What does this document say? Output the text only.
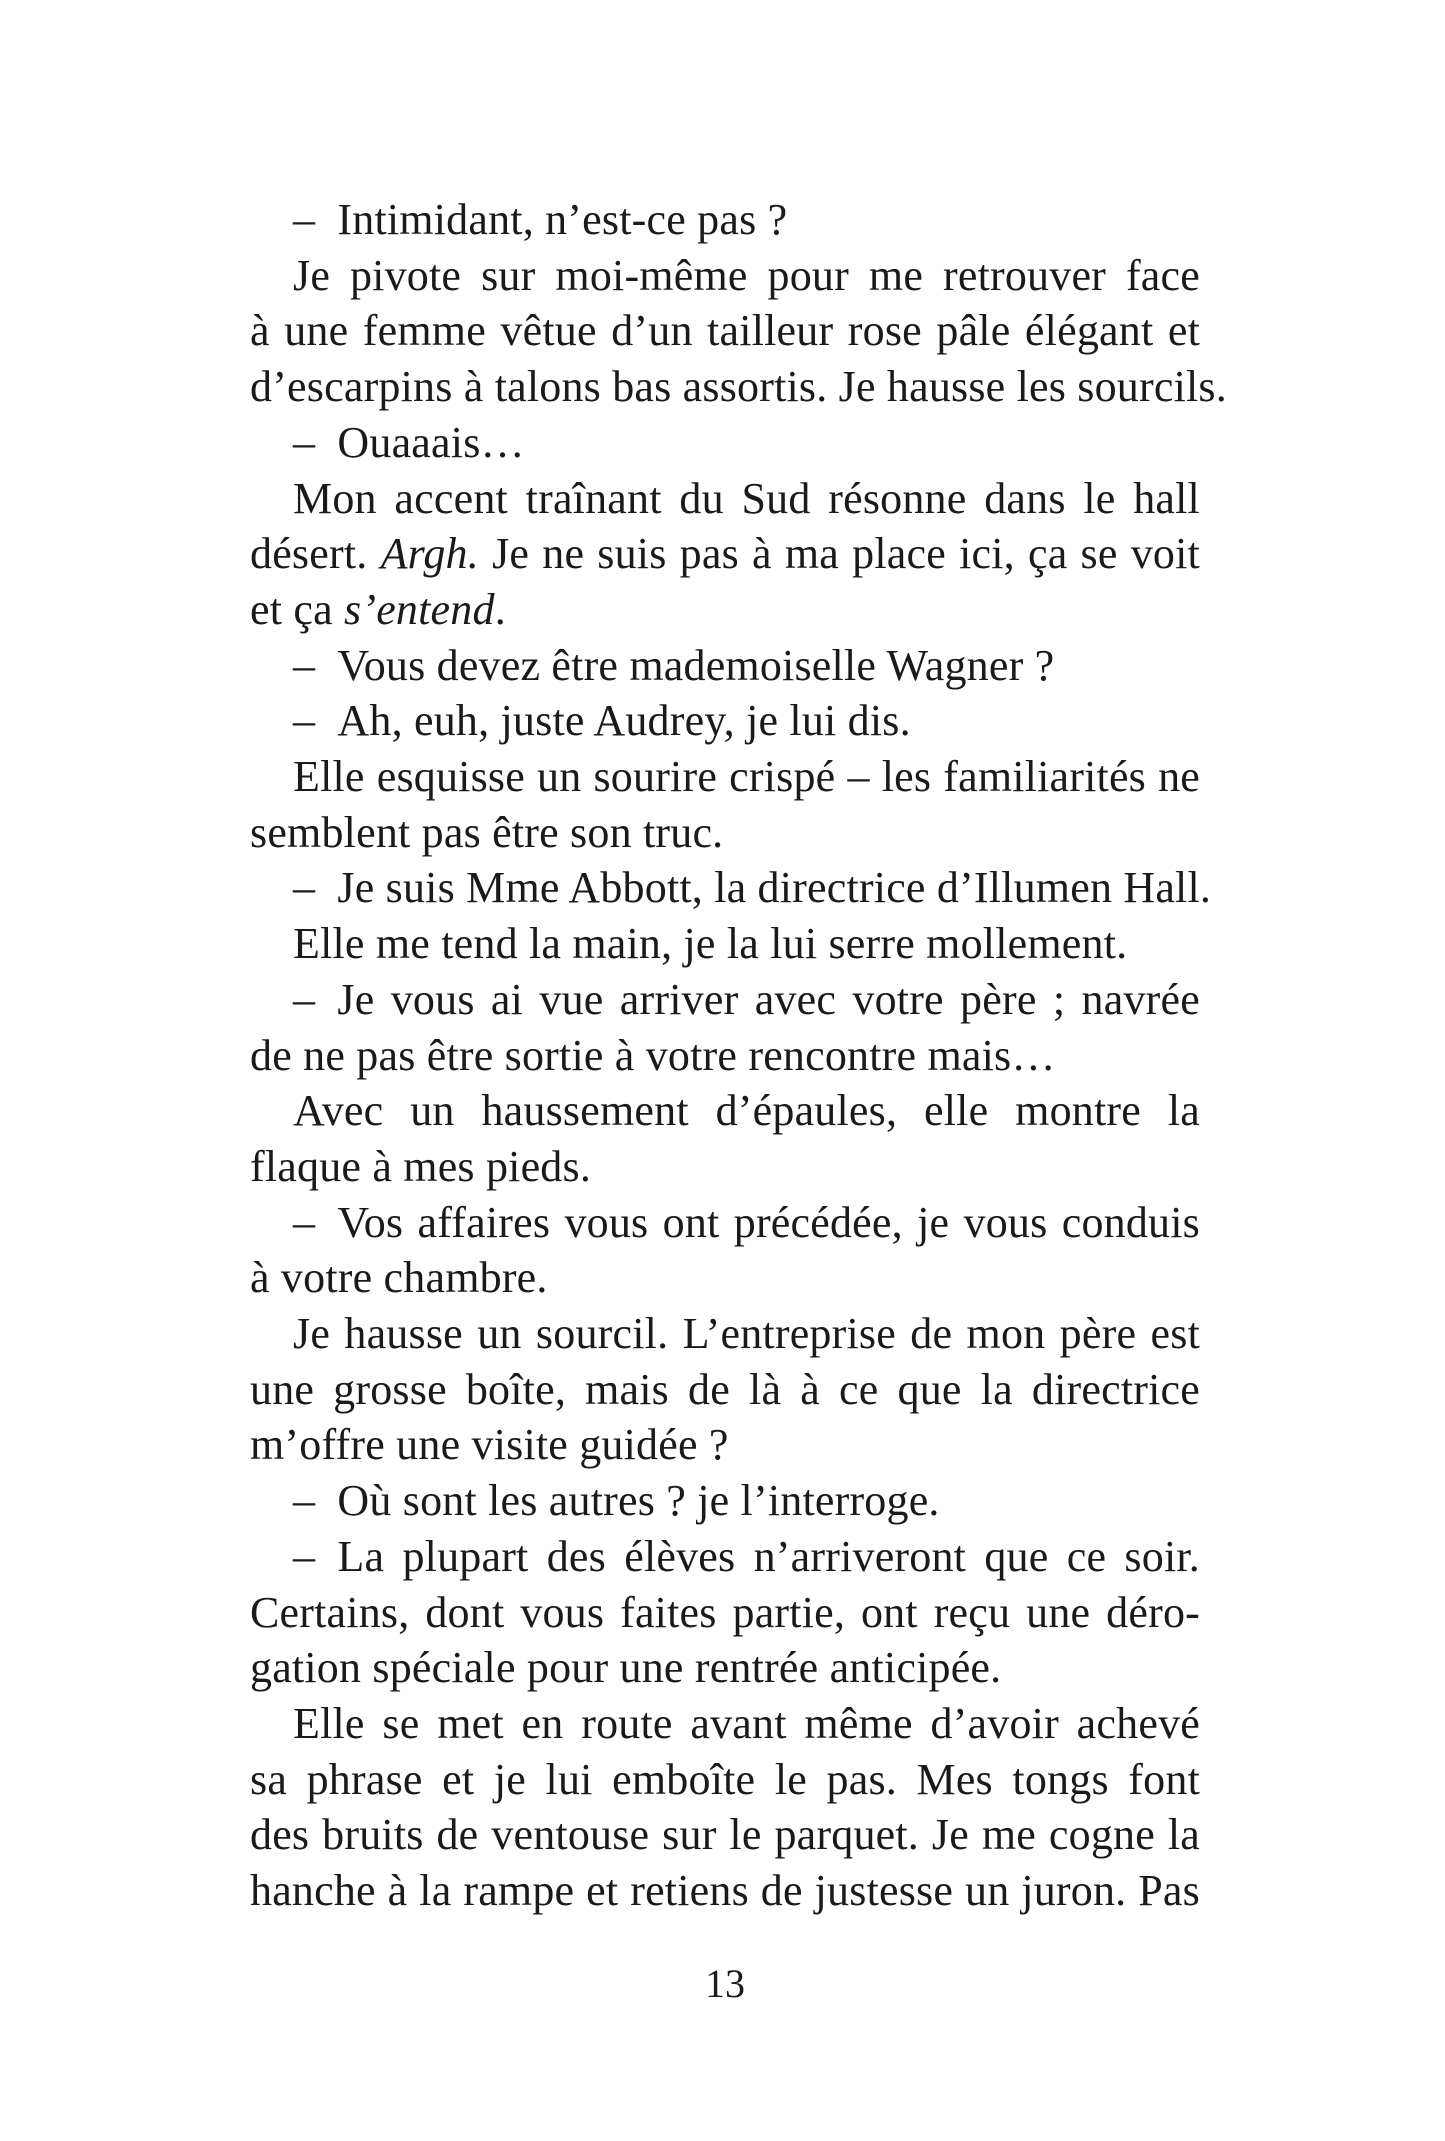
– Intimidant, n’est-ce pas ?
Je pivote sur moi-même pour me retrouver face
à une femme vêtue d’un tailleur rose pâle élégant et
d’escarpins à talons bas assortis. Je hausse les sourcils.
– Ouaaais…
Mon accent traînant du Sud résonne dans le hall
désert. Argh. Je ne suis pas à ma place ici, ça se voit
et ça s’entend.
– Vous devez être mademoiselle Wagner ?
– Ah, euh, juste Audrey, je lui dis.
Elle esquisse un sourire crispé – les familiarités ne
semblent pas être son truc.
– Je suis Mme Abbott, la directrice d’Illumen Hall.
Elle me tend la main, je la lui serre mollement.
– Je vous ai vue arriver avec votre père ; navrée
de ne pas être sortie à votre rencontre mais…
Avec un haussement d’épaules, elle montre la
flaque à mes pieds.
– Vos affaires vous ont précédée, je vous conduis
à votre chambre.
Je hausse un sourcil. L’entreprise de mon père est
une grosse boîte, mais de là à ce que la directrice
m’offre une visite guidée ?
– Où sont les autres ? je l’interroge.
– La plupart des élèves n’arriveront que ce soir.
Certains, dont vous faites partie, ont reçu une déro-
gation spéciale pour une rentrée anticipée.
Elle se met en route avant même d’avoir achevé
sa phrase et je lui emboîte le pas. Mes tongs font
des bruits de ventouse sur le parquet. Je me cogne la
hanche à la rampe et retiens de justesse un juron. Pas
13
